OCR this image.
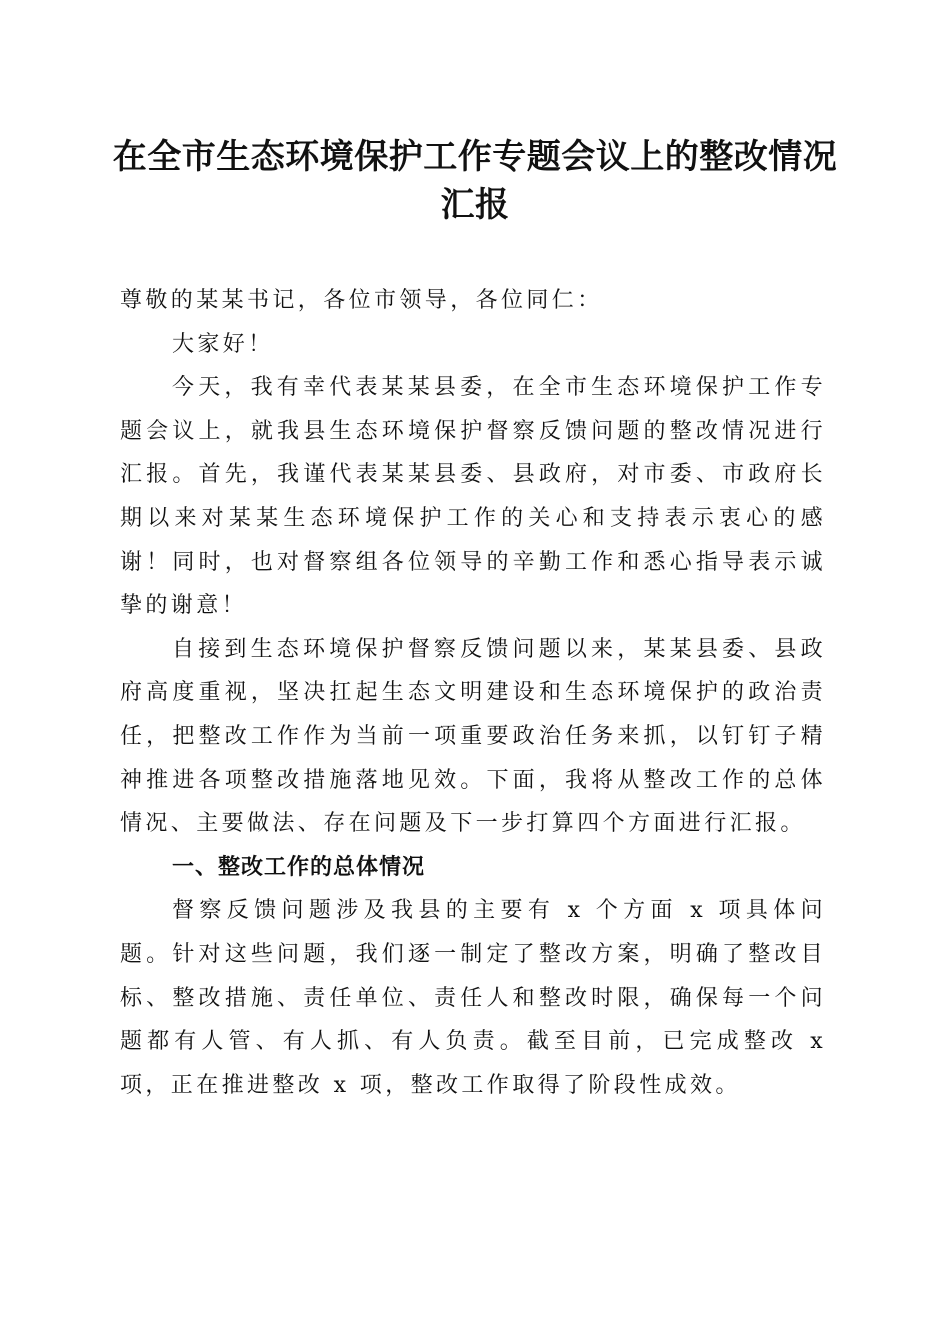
在全市生态环境保护工作专题会议上的整改情况汇报

尊敬的某某书记，各位市领导，各位同仁：

大家好！

今天，我有幸代表某某县委，在全市生态环境保护工作专题会议上，就我县生态环境保护督察反馈问题的整改情况进行汇报。首先，我谨代表某某县委、县政府，对市委、市政府长期以来对某某生态环境保护工作的关心和支持表示衷心的感谢！同时，也对督察组各位领导的辛勤工作和悉心指导表示诚挚的谢意！

自接到生态环境保护督察反馈问题以来，某某县委、县政府高度重视，坚决扛起生态文明建设和生态环境保护的政治责任，把整改工作作为当前一项重要政治任务来抓，以钉钉子精神推进各项整改措施落地见效。下面，我将从整改工作的总体情况、主要做法、存在问题及下一步打算四个方面进行汇报。

一、整改工作的总体情况

督察反馈问题涉及我县的主要有 x 个方面 x 项具体问题。针对这些问题，我们逐一制定了整改方案，明确了整改目标、整改措施、责任单位、责任人和整改时限，确保每一个问题都有人管、有人抓、有人负责。截至目前，已完成整改 x 项，正在推进整改 x 项，整改工作取得了阶段性成效。
